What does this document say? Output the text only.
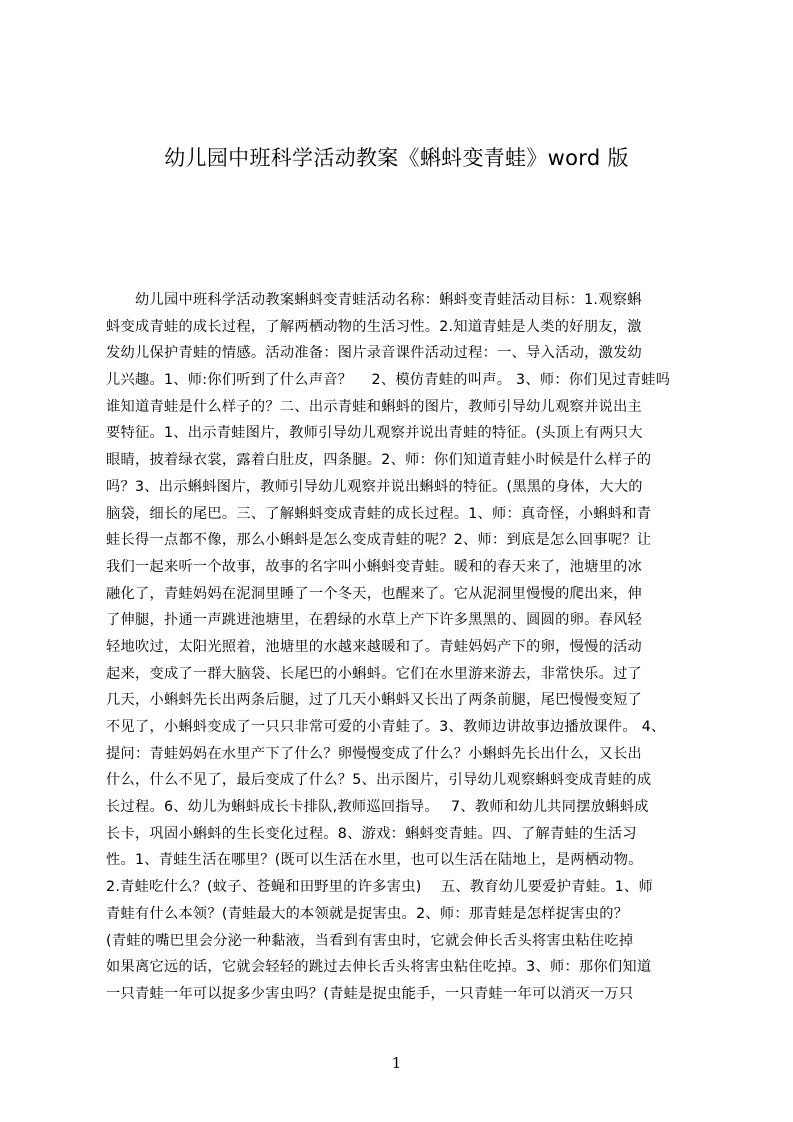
幼儿园中班科学活动教案《蝌蚪变青蛙》word 版
　　幼儿园中班科学活动教案蝌蚪变青蛙活动名称：蝌蚪变青蛙活动目标：1.观察蝌
蚪变成青蛙的成长过程，了解两栖动物的生活习性。2.知道青蛙是人类的好朋友，激
发幼儿保护青蛙的情感。活动准备：图片录音课件活动过程：一、导入活动，激发幼
儿兴趣。1、师:你们听到了什么声音？　 2、模仿青蛙的叫声。 3、师：你们见过青蛙吗
谁知道青蛙是什么样子的？二、出示青蛙和蝌蚪的图片，教师引导幼儿观察并说出主
要特征。1、出示青蛙图片，教师引导幼儿观察并说出青蛙的特征。(头顶上有两只大
眼睛，披着绿衣裳，露着白肚皮，四条腿。2、师：你们知道青蛙小时候是什么样子的
吗？3、出示蝌蚪图片，教师引导幼儿观察并说出蝌蚪的特征。(黑黑的身体，大大的
脑袋，细长的尾巴。三、了解蝌蚪变成青蛙的成长过程。1、师：真奇怪，小蝌蚪和青
蛙长得一点都不像，那么小蝌蚪是怎么变成青蛙的呢？2、师：到底是怎么回事呢？让
我们一起来听一个故事，故事的名字叫小蝌蚪变青蛙。暖和的春天来了，池塘里的冰
融化了，青蛙妈妈在泥洞里睡了一个冬天，也醒来了。它从泥洞里慢慢的爬出来，伸
了伸腿，扑通一声跳进池塘里，在碧绿的水草上产下许多黑黑的、圆圆的卵。春风轻
轻地吹过，太阳光照着，池塘里的水越来越暖和了。青蛙妈妈产下的卵，慢慢的活动
起来，变成了一群大脑袋、长尾巴的小蝌蚪。它们在水里游来游去，非常快乐。过了
几天，小蝌蚪先长出两条后腿，过了几天小蝌蚪又长出了两条前腿，尾巴慢慢变短了
不见了，小蝌蚪变成了一只只非常可爱的小青蛙了。3、教师边讲故事边播放课件。 4、
提问：青蛙妈妈在水里产下了什么？卵慢慢变成了什么？小蝌蚪先长出什么，又长出
什么，什么不见了，最后变成了什么？5、出示图片，引导幼儿观察蝌蚪变成青蛙的成
长过程。6、幼儿为蝌蚪成长卡排队,教师巡回指导。　 7、教师和幼儿共同摆放蝌蚪成
长卡，巩固小蝌蚪的生长变化过程。8、游戏：蝌蚪变青蛙。四、了解青蛙的生活习
性。1、青蛙生活在哪里？(既可以生活在水里，也可以生活在陆地上，是两栖动物。
2.青蛙吃什么？(蚊子、苍蝇和田野里的许多害虫)　 五、教育幼儿要爱护青蛙。1、师
青蛙有什么本领？(青蛙最大的本领就是捉害虫。2、师：那青蛙是怎样捉害虫的？
(青蛙的嘴巴里会分泌一种黏液，当看到有害虫时，它就会伸长舌头将害虫粘住吃掉
如果离它远的话，它就会轻轻的跳过去伸长舌头将害虫粘住吃掉。3、师：那你们知道
一只青蛙一年可以捉多少害虫吗？(青蛙是捉虫能手，一只青蛙一年可以消灭一万只
1
